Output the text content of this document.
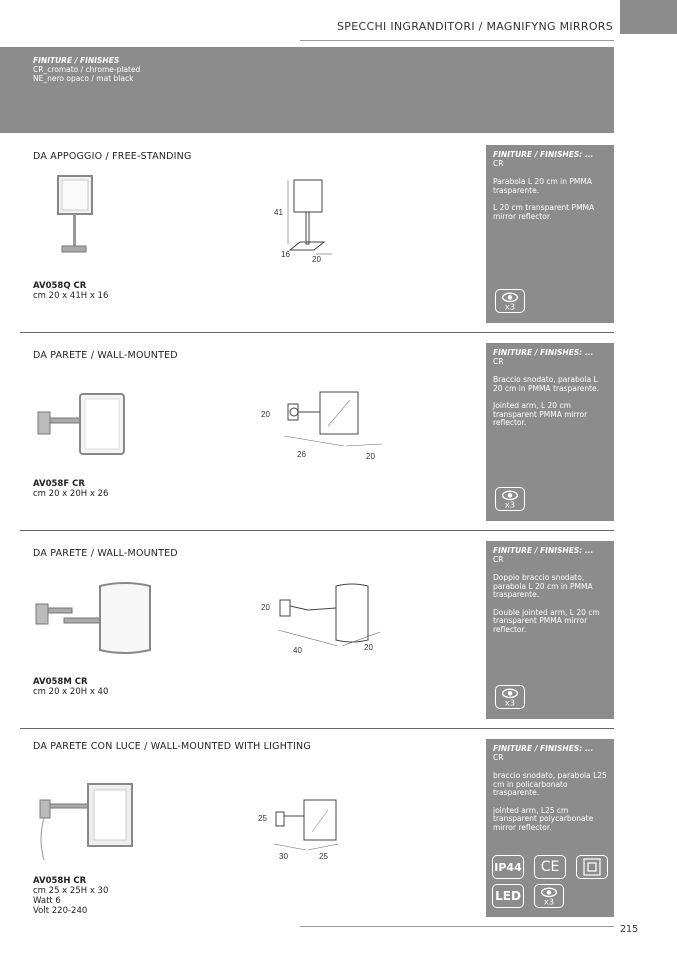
SPECCHI INGRANDITORI / MAGNIFYNG MIRRORS
FINITURE / FINISHES
CR_cromato / chrome-plated
NE_nero opaco / mat black
DA APPOGGIO / FREE-STANDING
41
16
20
AV058Q CR
cm 20 x 41H x 16
FINITURE / FINISHES: ...
CR

Parabola L 20 cm in PMMA trasparente.

L 20 cm transparent PMMA mirror reflector.

x3
DA PARETE / WALL-MOUNTED
20
26	20
AV058F CR
cm 20 x 20H x 26
FINITURE / FINISHES: ...
CR

Braccio snodato, parabola L 20 cm in PMMA trasparente.

Jointed arm, L 20 cm transparent PMMA mirror reflector.

x3
DA PARETE / WALL-MOUNTED
20
40	20
AV058M CR
cm 20 x 20H x 40
FINITURE / FINISHES: ...
CR

Doppio braccio snodato, parabola L 20 cm in PMMA trasparente.

Double jointed arm, L 20 cm transparent PMMA mirror reflector.

x3
DA PARETE CON LUCE / WALL-MOUNTED WITH LIGHTING
25
30	25
AV058H CR
cm 25 x 25H x 30
Watt 6
Volt 220-240
FINITURE / FINISHES: ...
CR

braccio snodato, parabola L25 cm in policarbonato trasparente.

jointed arm, L25 cm transparent polycarbonate mirror reflector.

IP44	CE
LED	x3
215
